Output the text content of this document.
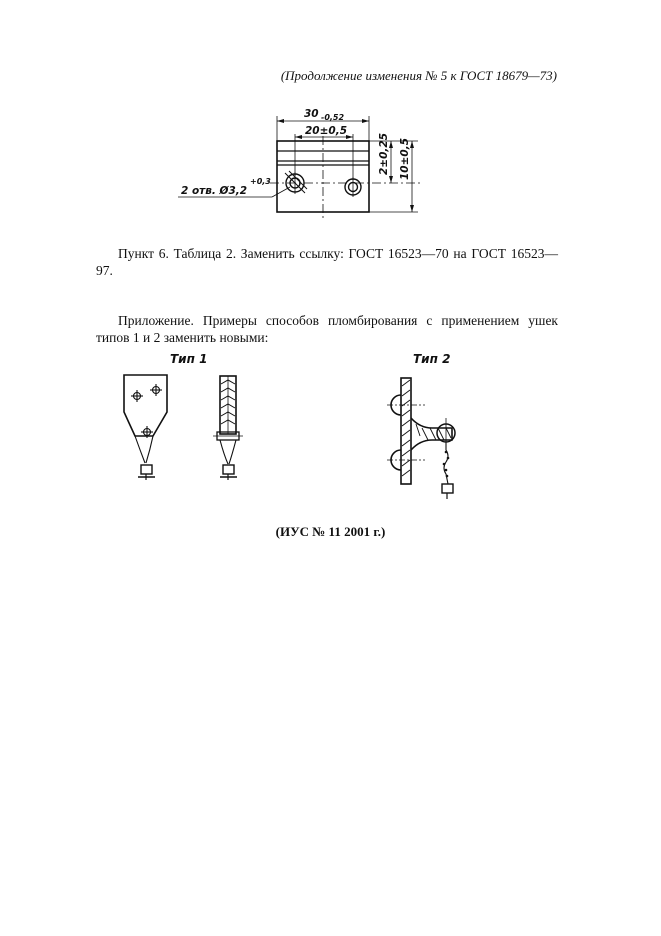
(Продолжение изменения № 5 к ГОСТ 18679—73)
30 -0,52
20±0,5
2±0,25 10±0,5
2 отв. Ø3,2
+0,3
Пункт 6. Таблица 2. Заменить ссылку: ГОСТ 16523—70 на ГОСТ 16523—97.
Приложение. Примеры способов пломбирования с применением ушек типов 1 и 2 заменить новыми:
Тип 1	Тип 2
(ИУС № 11 2001 г.)
